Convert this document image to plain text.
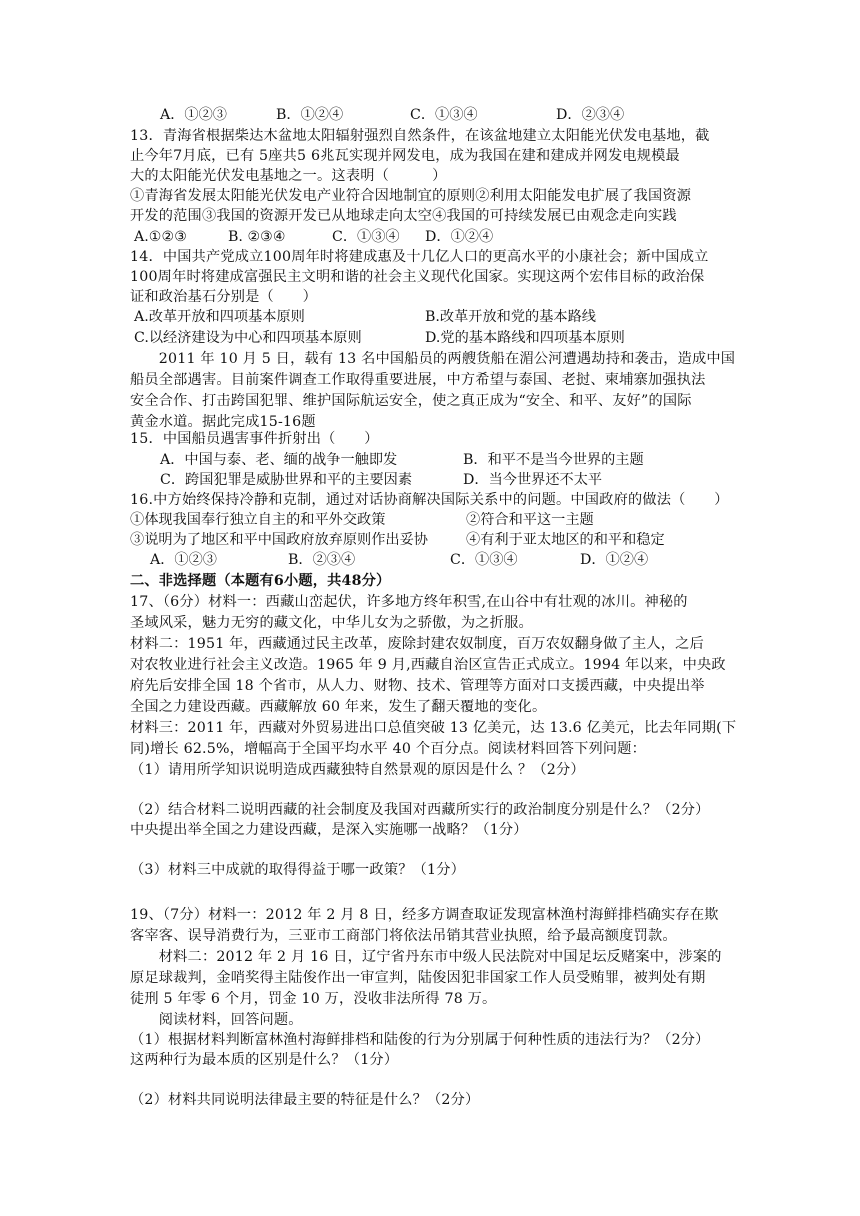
A．①②③	B．①②④	C．①③④	D．②③④
13．青海省根据柴达木盆地太阳辐射强烈自然条件，在该盆地建立太阳能光伏发电基地，截
止今年7月底，已有 5座共5 6兆瓦实现并网发电，成为我国在建和建成并网发电规模最
大的太阳能光伏发电基地之一。这表明（　　　）
①青海省发展太阳能光伏发电产业符合因地制宜的原则②利用太阳能发电扩展了我国资源
开发的范围③我国的资源开发已从地球走向太空④我国的可持续发展已由观念走向实践
A.①②③	B. ②③④	C．①③④ D．①②④
14．中国共产党成立100周年时将建成惠及十几亿人口的更高水平的小康社会；新中国成立
100周年时将建成富强民主文明和谐的社会主义现代化国家。实现这两个宏伟目标的政治保
证和政治基石分别是（　　）
A.改革开放和四项基本原则	B.改革开放和党的基本路线
C.以经济建设为中心和四项基本原则	D.党的基本路线和四项基本原则
　　2011 年 10 月 5 日，载有 13 名中国船员的两艘货船在湄公河遭遇劫持和袭击，造成中国
船员全部遇害。目前案件调查工作取得重要进展，中方希望与泰国、老挝、柬埔寨加强执法
安全合作、打击跨国犯罪、维护国际航运安全，使之真正成为“安全、和平、友好”的国际
黄金水道。据此完成15-16题
15．中国船员遇害事件折射出（　　）
A．中国与泰、老、缅的战争一触即发	B．和平不是当今世界的主题
C．跨国犯罪是威胁世界和平的主要因素	D．当今世界还不太平
16.中方始终保持冷静和克制，通过对话协商解决国际关系中的问题。中国政府的做法（　　）
①体现我国奉行独立自主的和平外交政策	②符合和平这一主题
③说明为了地区和平中国政府放弃原则作出妥协	④有利于亚太地区的和平和稳定
A．①②③	B．②③④	C．①③④	D．①②④
二、非选择题（本题有6小题，共48分）
17、（6分）材料一：西藏山峦起伏，许多地方终年积雪,在山谷中有壮观的冰川。神秘的
圣域风采，魅力无穷的藏文化，中华儿女为之骄傲，为之折服。
材料二：1951 年，西藏通过民主改革，废除封建农奴制度，百万农奴翻身做了主人，之后
对农牧业进行社会主义改造。1965 年 9 月,西藏自治区宣告正式成立。1994 年以来，中央政
府先后安排全国 18 个省市，从人力、财物、技术、管理等方面对口支援西藏，中央提出举
全国之力建设西藏。西藏解放 60 年来，发生了翻天覆地的变化。
材料三：2011 年，西藏对外贸易进出口总值突破 13 亿美元，达 13.6 亿美元，比去年同期(下
同)增长 62.5%，增幅高于全国平均水平 40 个百分点。阅读材料回答下列问题：
（1）请用所学知识说明造成西藏独特自然景观的原因是什么 ？（2分）
（2）结合材料二说明西藏的社会制度及我国对西藏所实行的政治制度分别是什么？（2分）
中央提出举全国之力建设西藏，是深入实施哪一战略？（1分）
（3）材料三中成就的取得得益于哪一政策？（1分）
19、（7分）材料一：2012 年 2 月 8 日，经多方调查取证发现富林渔村海鲜排档确实存在欺
客宰客、误导消费行为，三亚市工商部门将依法吊销其营业执照，给予最高额度罚款。
　　材料二：2012 年 2 月 16 日，辽宁省丹东市中级人民法院对中国足坛反赌案中，涉案的
原足球裁判，金哨奖得主陆俊作出一审宣判，陆俊因犯非国家工作人员受贿罪，被判处有期
徒刑 5 年零 6 个月，罚金 10 万，没收非法所得 78 万。
　　阅读材料，回答问题。
（1）根据材料判断富林渔村海鲜排档和陆俊的行为分别属于何种性质的违法行为？（2分）
这两种行为最本质的区别是什么？（1分）
（2）材料共同说明法律最主要的特征是什么？（2分）
